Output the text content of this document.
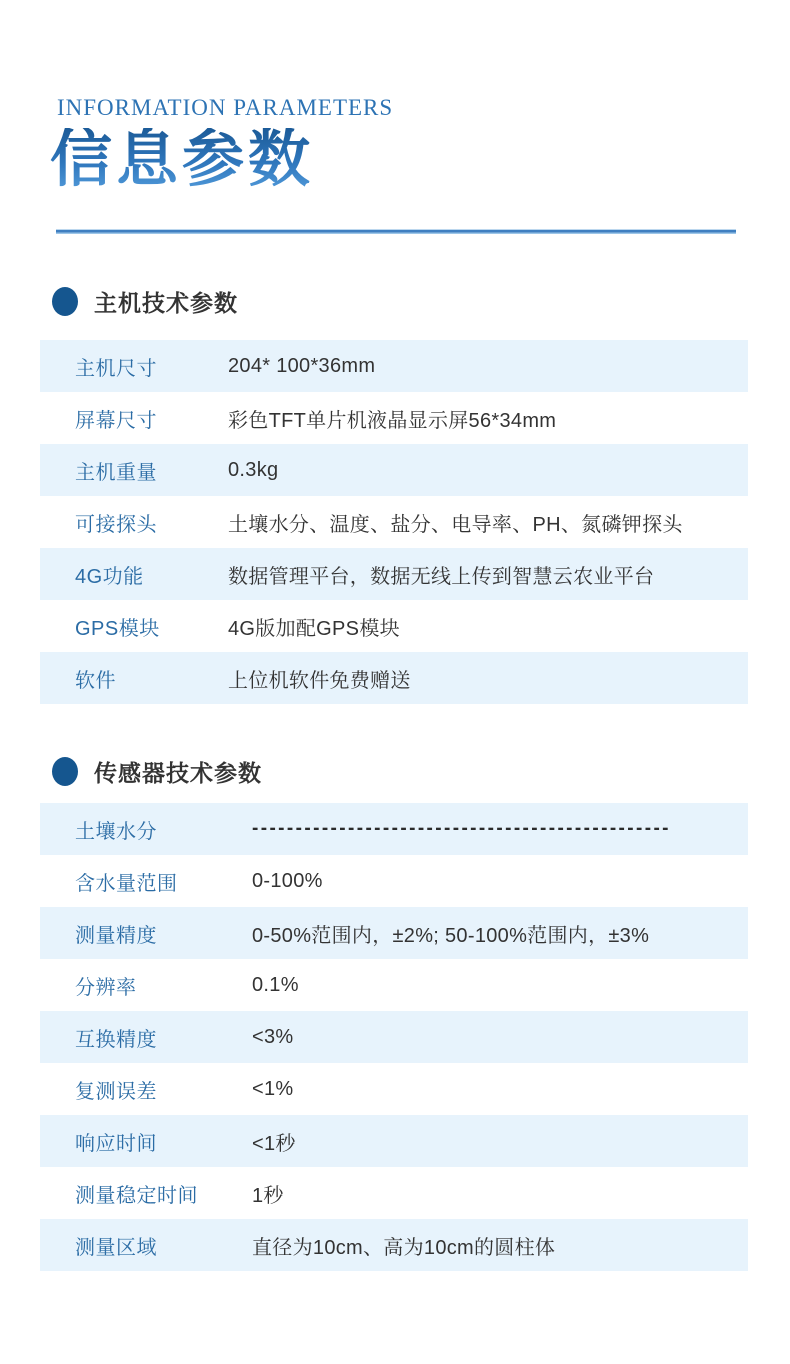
INFORMATION PARAMETERS
信息参数
主机技术参数
主机尺寸	204* 100*36mm
屏幕尺寸	彩色TFT单片机液晶显示屏56*34mm
主机重量	0.3kg
可接探头	土壤水分、温度、盐分、电导率、PH、氮磷钾探头
4G功能	数据管理平台，数据无线上传到智慧云农业平台
GPS模块	4G版加配GPS模块
软件	上位机软件免费赠送
传感器技术参数
土壤水分	------------------------------------------------
含水量范围	0-100%
测量精度	0-50%范围内，±2%; 50-100%范围内，±3%
分辨率	0.1%
互换精度	<3%
复测误差	<1%
响应时间	<1秒
测量稳定时间	1秒
测量区域	直径为10cm、高为10cm的圆柱体
